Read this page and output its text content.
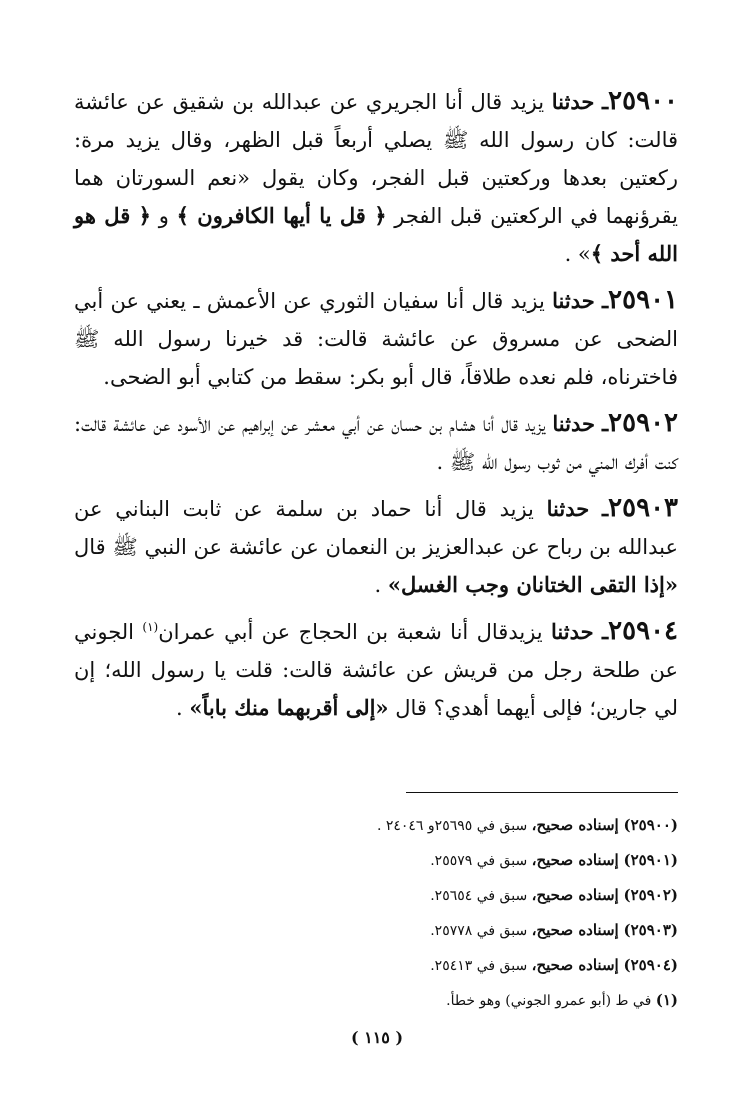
٢٥٩٠٠ـ حدثنا يزيد قال أنا الجريري عن عبدالله بن شقيق عن عائشة قالت: كان رسول الله ﷺ يصلي أربعاً قبل الظهر، وقال يزيد مرة: ركعتين بعدها وركعتين قبل الفجر، وكان يقول «نعم السورتان هما يقرؤنهما في الركعتين قبل الفجر ﴿ قل يا أيها الكافرون ﴾ و ﴿ قل هو الله أحد ﴾» .

٢٥٩٠١ـ حدثنا يزيد قال أنا سفيان الثوري عن الأعمش ـ يعني عن أبي الضحى عن مسروق عن عائشة قالت: قد خيرنا رسول الله ﷺ فاخترناه، فلم نعده طلاقاً، قال أبو بكر: سقط من كتابي أبو الضحى.

٢٥٩٠٢ـ حدثنا يزيد قال أنا هشام بن حسان عن أبي معشر عن إبراهيم عن الأسود عن عائشة قالت: كنت أفرك المني من ثوب رسول الله ﷺ .

٢٥٩٠٣ـ حدثنا يزيد قال أنا حماد بن سلمة عن ثابت البناني عن عبدالله بن رباح عن عبدالعزيز بن النعمان عن عائشة عن النبي ﷺ قال «إذا التقى الختانان وجب الغسل» .

٢٥٩٠٤ـ حدثنا يزيدقال أنا شعبة بن الحجاج عن أبي عمران$^{(١)}$ الجوني عن طلحة رجل من قريش عن عائشة قالت: قلت يا رسول الله؛ إن لي جارين؛ فإلى أيهما أهدي؟ قال «إلى أقربهما منك باباً» .

(٢٥٩٠٠) إسناده صحيح، سبق في ٢٥٦٩٥و ٢٤٠٤٦ .
(٢٥٩٠١) إسناده صحيح، سبق في ٢٥٥٧٩.
(٢٥٩٠٢) إسناده صحيح، سبق في ٢٥٦٥٤.
(٢٥٩٠٣) إسناده صحيح، سبق في ٢٥٧٧٨.
(٢٥٩٠٤) إسناده صحيح، سبق في ٢٥٤١٣.
(١) في ط (أبو عمرو الجوني) وهو خطأ.
( ١١٥ )
